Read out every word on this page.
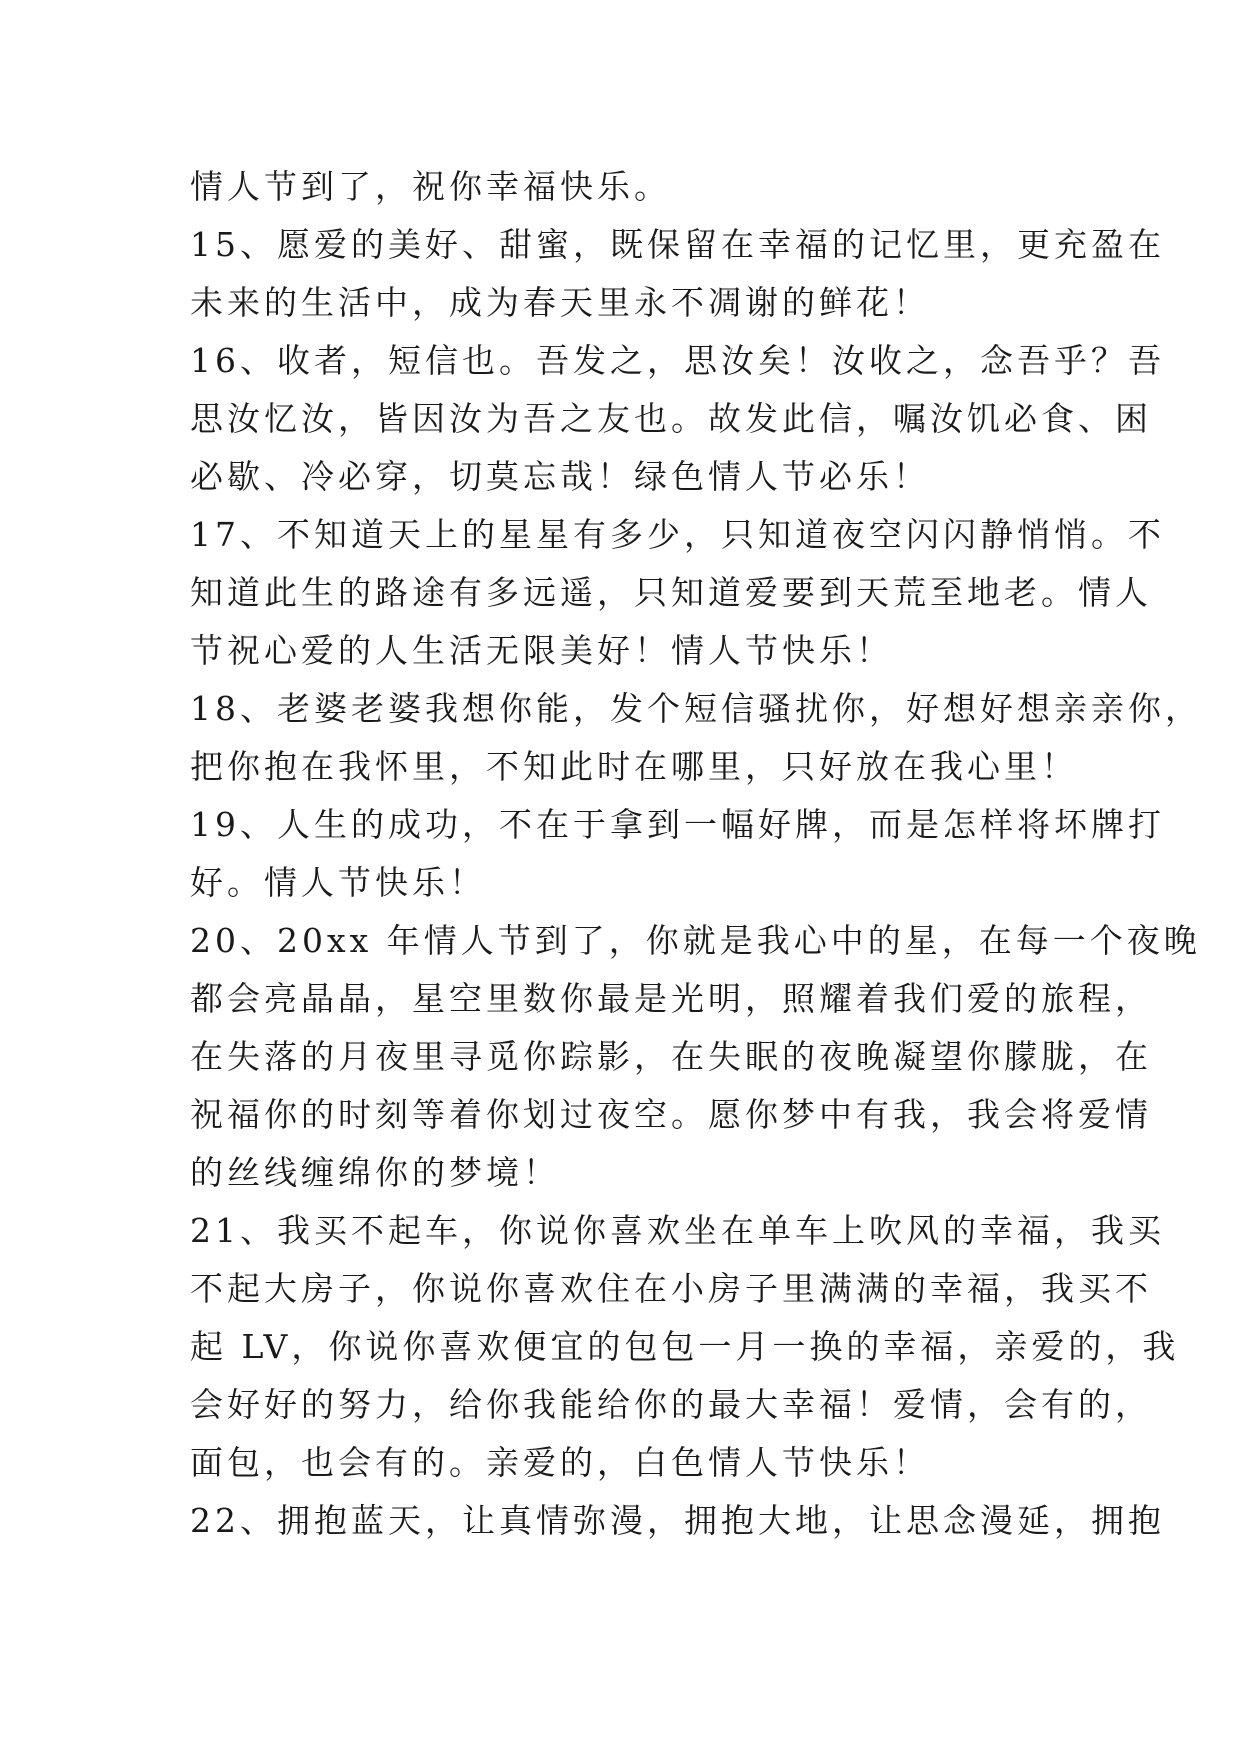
情人节到了，祝你幸福快乐。
15、愿爱的美好、甜蜜，既保留在幸福的记忆里，更充盈在
未来的生活中，成为春天里永不凋谢的鲜花！
16、收者，短信也。吾发之，思汝矣！汝收之，念吾乎？吾
思汝忆汝，皆因汝为吾之友也。故发此信，嘱汝饥必食、困
必歇、冷必穿，切莫忘哉！绿色情人节必乐！
17、不知道天上的星星有多少，只知道夜空闪闪静悄悄。不
知道此生的路途有多远遥，只知道爱要到天荒至地老。情人
节祝心爱的人生活无限美好！情人节快乐！
18、老婆老婆我想你能，发个短信骚扰你，好想好想亲亲你，
把你抱在我怀里，不知此时在哪里，只好放在我心里！
19、人生的成功，不在于拿到一幅好牌，而是怎样将坏牌打
好。情人节快乐！
20、20xx 年情人节到了，你就是我心中的星，在每一个夜晚
都会亮晶晶，星空里数你最是光明，照耀着我们爱的旅程，
在失落的月夜里寻觅你踪影，在失眠的夜晚凝望你朦胧，在
祝福你的时刻等着你划过夜空。愿你梦中有我，我会将爱情
的丝线缠绵你的梦境！
21、我买不起车，你说你喜欢坐在单车上吹风的幸福，我买
不起大房子，你说你喜欢住在小房子里满满的幸福，我买不
起 LV，你说你喜欢便宜的包包一月一换的幸福，亲爱的，我
会好好的努力，给你我能给你的最大幸福！爱情，会有的，
面包，也会有的。亲爱的，白色情人节快乐！
22、拥抱蓝天，让真情弥漫，拥抱大地，让思念漫延，拥抱
